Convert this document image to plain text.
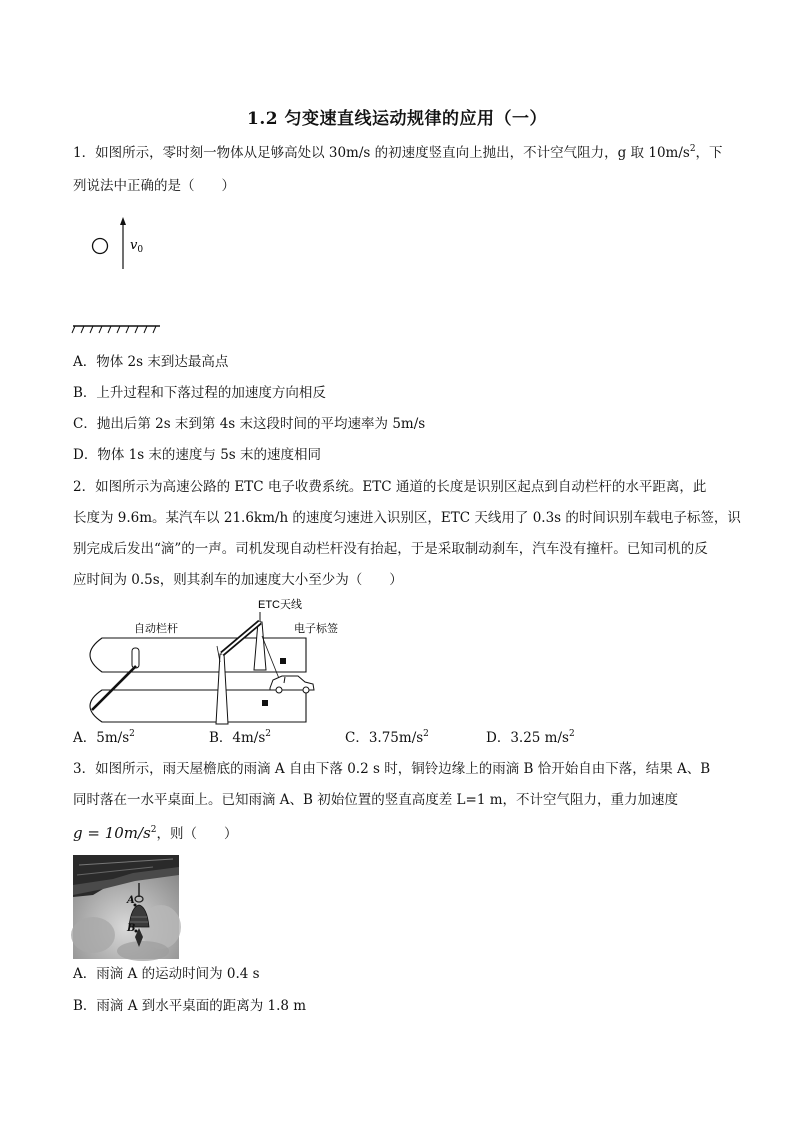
1.2 匀变速直线运动规律的应用（一）
1．如图所示，零时刻一物体从足够高处以 30m/s 的初速度竖直向上抛出，不计空气阻力，g 取 $10m/s^2$，下
列说法中正确的是（　　）
$v_0$
A．物体 2s 末到达最高点
B．上升过程和下落过程的加速度方向相反
C．抛出后第 2s 末到第 4s 末这段时间的平均速率为 5m/s
D．物体 1s 末的速度与 5s 末的速度相同
2．如图所示为高速公路的 ETC 电子收费系统。ETC 通道的长度是识别区起点到自动栏杆的水平距离，此
长度为 9.6m。某汽车以 21.6km/h 的速度匀速进入识别区，ETC 天线用了 0.3s 的时间识别车载电子标签，识
别完成后发出“滴”的一声。司机发现自动栏杆没有抬起，于是采取制动刹车，汽车没有撞杆。已知司机的反
应时间为 0.5s，则其刹车的加速度大小至少为（　　）
自动栏杆
ETC天线
电子标签
A．$5m/s^2$	B．$4m/s^2$	C．$3.75m/s^2$	D．3.25 $m/s^2$
3．如图所示，雨天屋檐底的雨滴 A 自由下落 0.2 s 时，铜铃边缘上的雨滴 B 恰开始自由下落，结果 A、B
同时落在一水平桌面上。已知雨滴 A、B 初始位置的竖直高度差 L=1 m，不计空气阻力，重力加速度
$g = 10m/s^2$，则（　　）
A
B
A．雨滴 A 的运动时间为 0.4 s
B．雨滴 A 到水平桌面的距离为 1.8 m
